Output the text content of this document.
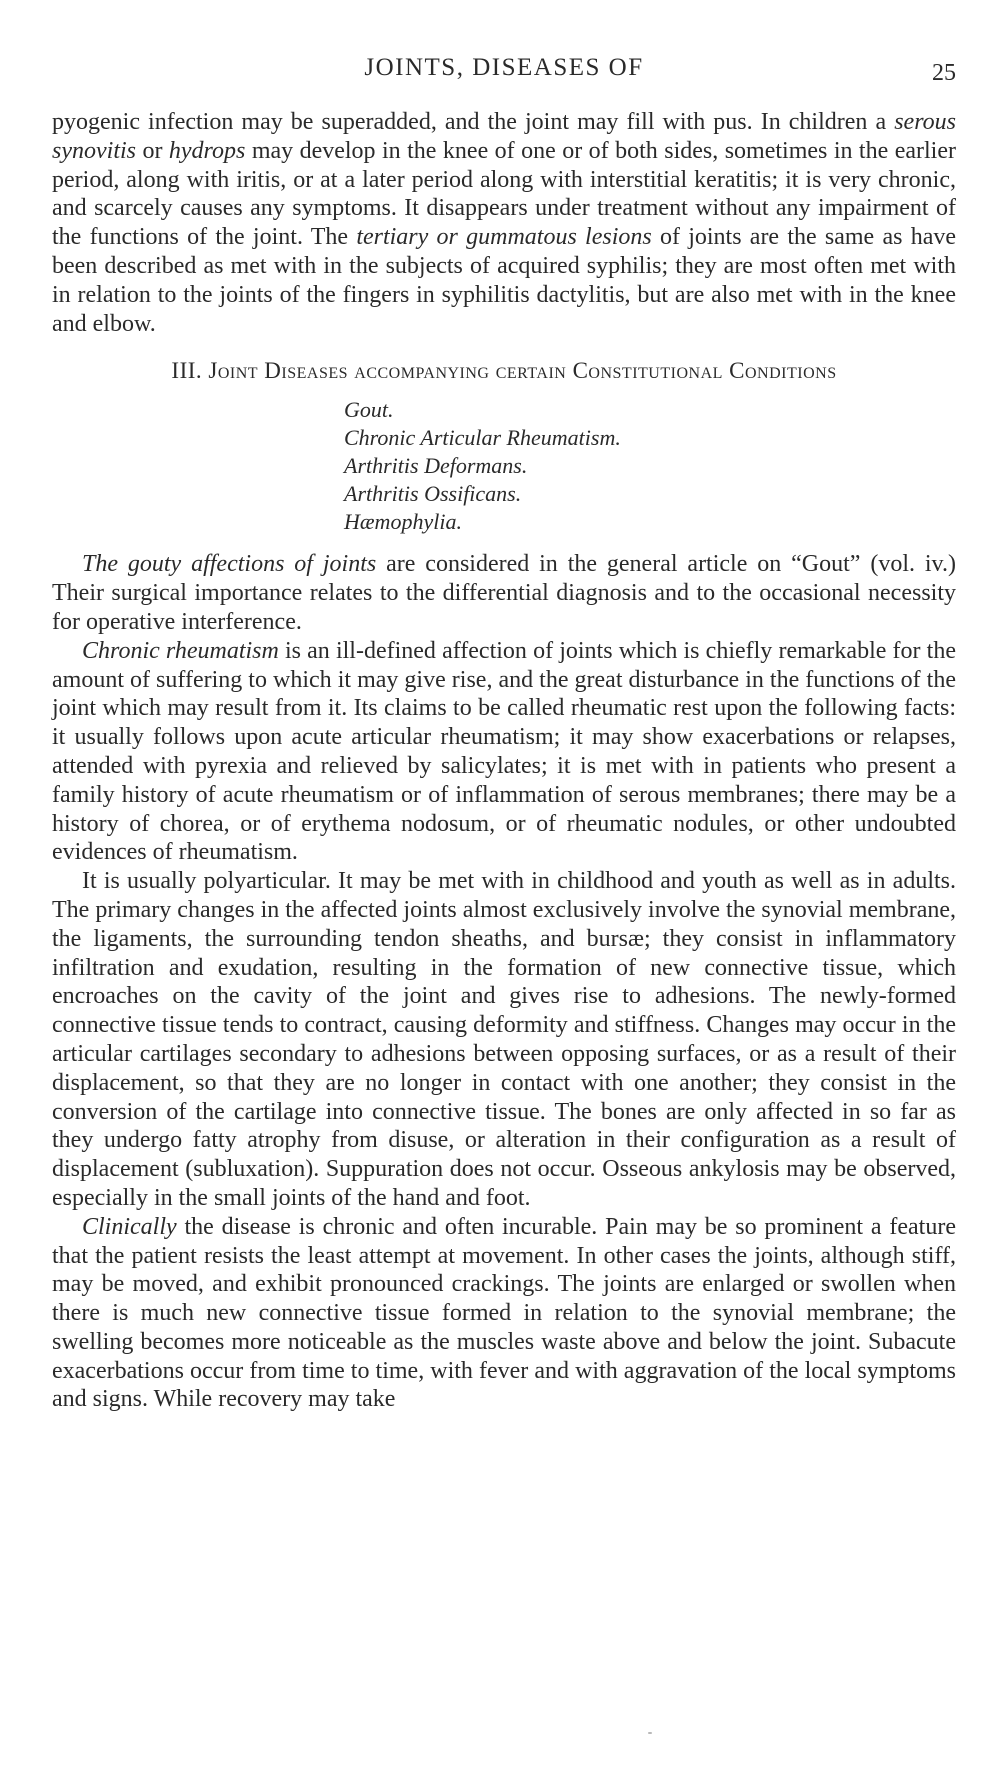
JOINTS, DISEASES OF	25

pyogenic infection may be superadded, and the joint may fill with pus. In children a serous synovitis or hydrops may develop in the knee of one or of both sides, sometimes in the earlier period, along with iritis, or at a later period along with interstitial keratitis; it is very chronic, and scarcely causes any symptoms. It disappears under treatment without any impairment of the functions of the joint. The tertiary or gummatous lesions of joints are the same as have been described as met with in the subjects of acquired syphilis; they are most often met with in relation to the joints of the fingers in syphilitis dactylitis, but are also met with in the knee and elbow.

III. Joint Diseases accompanying certain Constitutional Conditions
Gout.
Chronic Articular Rheumatism.
Arthritis Deformans.
Arthritis Ossificans.
Hæmophylia.

The gouty affections of joints are considered in the general article on “Gout” (vol. iv.) Their surgical importance relates to the differential diagnosis and to the occasional necessity for operative interference.

Chronic rheumatism is an ill-defined affection of joints which is chiefly remarkable for the amount of suffering to which it may give rise, and the great disturbance in the functions of the joint which may result from it. Its claims to be called rheumatic rest upon the following facts: it usually follows upon acute articular rheumatism; it may show exacerbations or relapses, attended with pyrexia and relieved by salicylates; it is met with in patients who present a family history of acute rheumatism or of inflammation of serous membranes; there may be a history of chorea, or of erythema nodosum, or of rheumatic nodules, or other undoubted evidences of rheumatism.

It is usually polyarticular. It may be met with in childhood and youth as well as in adults. The primary changes in the affected joints almost exclusively involve the synovial membrane, the ligaments, the surrounding tendon sheaths, and bursæ; they consist in inflammatory infiltration and exudation, resulting in the formation of new connective tissue, which encroaches on the cavity of the joint and gives rise to adhesions. The newly-formed connective tissue tends to contract, causing deformity and stiffness. Changes may occur in the articular cartilages secondary to adhesions between opposing surfaces, or as a result of their displacement, so that they are no longer in contact with one another; they consist in the conversion of the cartilage into connective tissue. The bones are only affected in so far as they undergo fatty atrophy from disuse, or alteration in their configuration as a result of displacement (subluxation). Suppuration does not occur. Osseous ankylosis may be observed, especially in the small joints of the hand and foot.

Clinically the disease is chronic and often incurable. Pain may be so prominent a feature that the patient resists the least attempt at movement. In other cases the joints, although stiff, may be moved, and exhibit pronounced crackings. The joints are enlarged or swollen when there is much new connective tissue formed in relation to the synovial membrane; the swelling becomes more noticeable as the muscles waste above and below the joint. Subacute exacerbations occur from time to time, with fever and with aggravation of the local symptoms and signs. While recovery may take
